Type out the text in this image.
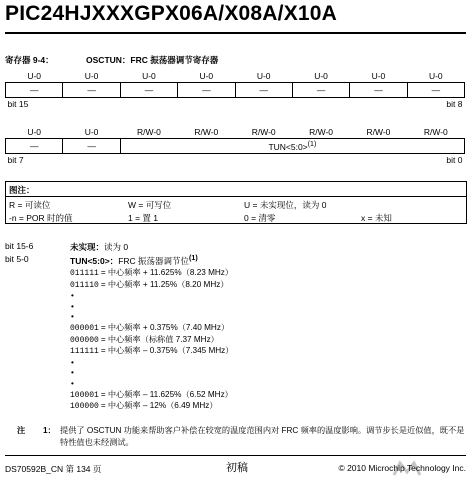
PIC24HJXXXGPX06A/X08A/X10A
寄存器 9-4：	OSCTUN：FRC 振荡器调节寄存器
U-0	U-0	U-0	U-0	U-0	U-0	U-0	U-0
—	—	—	—	—	—	—	—
bit 15				bit 8			
U-0	U-0	R/W-0	R/W-0	R/W-0	R/W-0	R/W-0	R/W-0
—	—	TUN<5:0>$^{(1)}$
bit 7				bit 0			
图注：
R = 可读位	W = 可写位	U = 未实现位，读为 0
-n = POR 时的值	1 = 置 1	0 = 清零	x = 未知
bit 15-6	未实现：读为 0
bit 5-0	TUN<5:0>：FRC 振荡器调节位$^{(1)}$
011111 = 中心频率 + 11.625%（8.23 MHz）
011110 = 中心频率 + 11.25%（8.20 MHz）
•
•
•
000001 = 中心频率 + 0.375%（7.40 MHz）
000000 = 中心频率（标称值 7.37 MHz）
111111 = 中心频率 – 0.375%（7.345 MHz）
•
•
•
100001 = 中心频率 – 11.625%（6.52 MHz）
100000 = 中心频率 – 12%（6.49 MHz）
注 1： 提供了 OSCTUN 功能来帮助客户补偿在较宽的温度范围内对 FRC 频率的温度影响。调节步长是近似值，既不是特性值也未经测试。
DS70592B_CN 第 134 页	初稿	© 2010 Microchip Technology Inc.
